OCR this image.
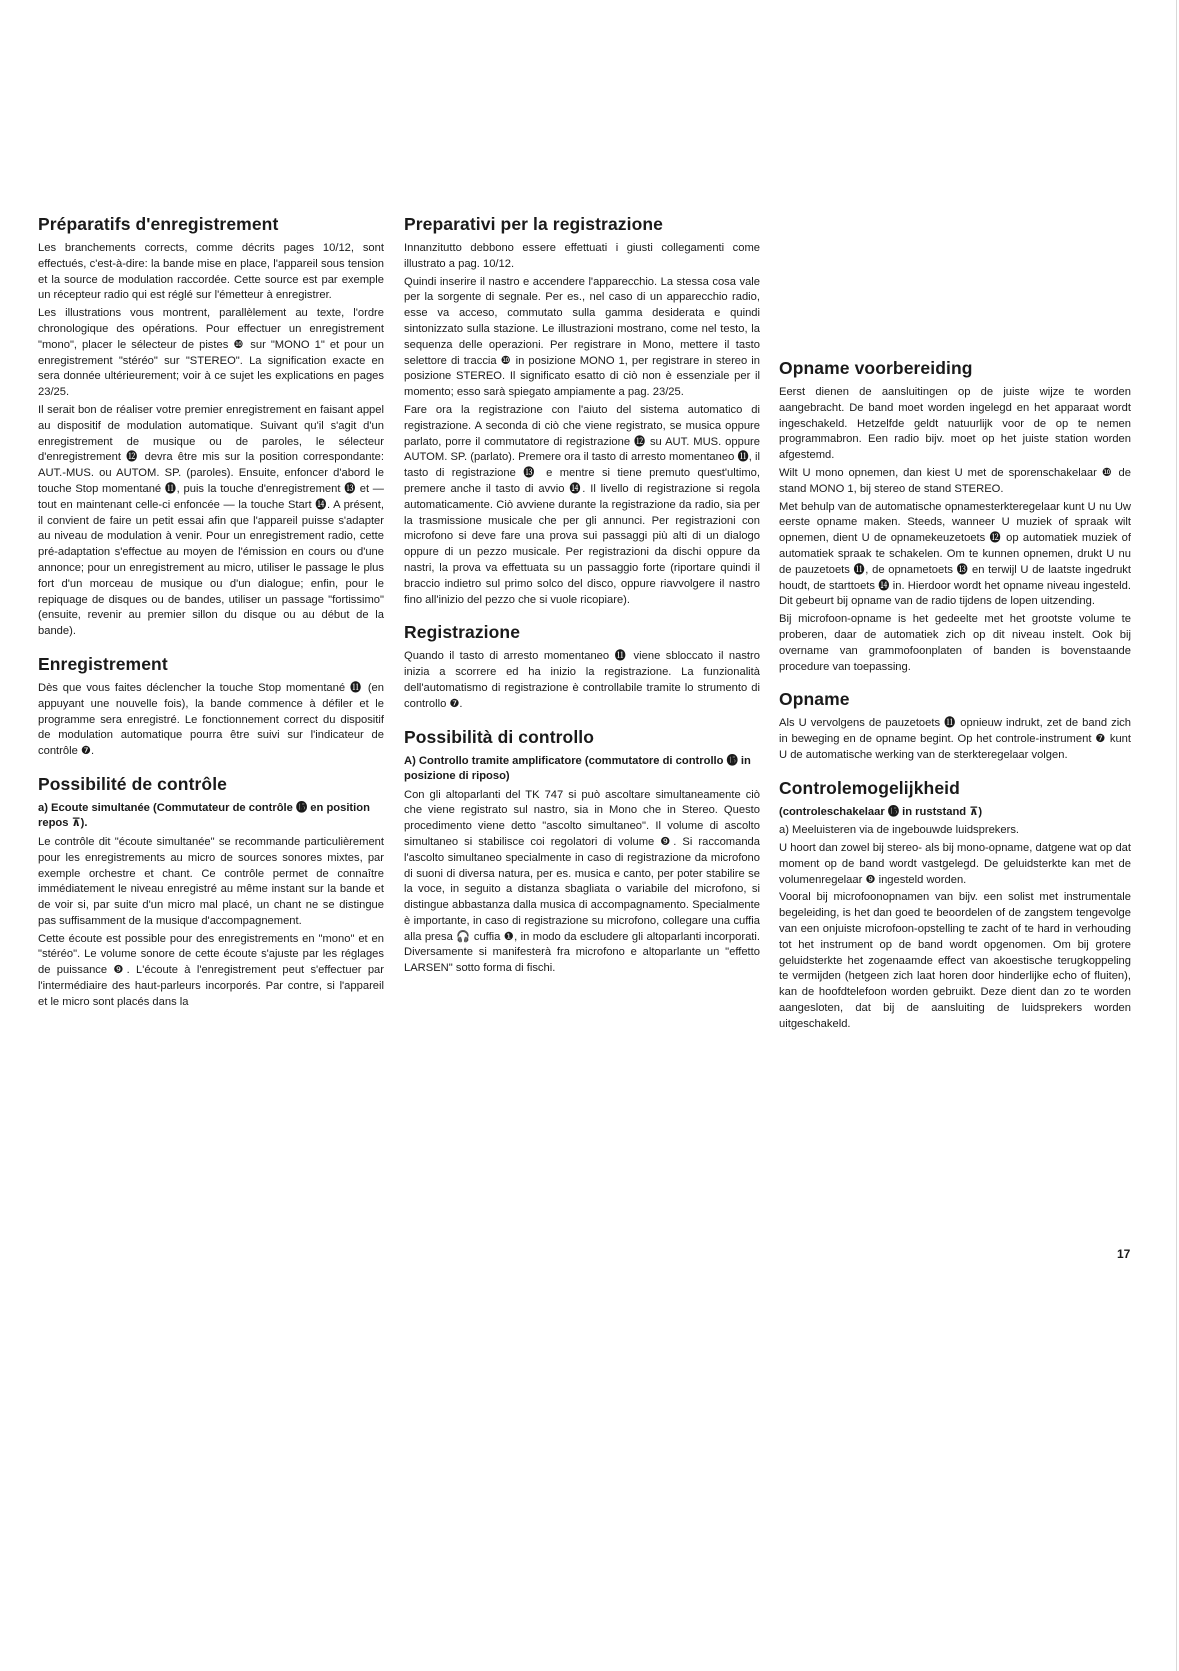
Préparatifs d'enregistrement

Les branchements corrects, comme décrits pages 10/12, sont effectués, c'est-à-dire: la bande mise en place, l'appareil sous tension et la source de modulation raccordée. Cette source est par exemple un récepteur radio qui est réglé sur l'émetteur à enregistrer.

Les illustrations vous montrent, parallèlement au texte, l'ordre chronologique des opérations. Pour effectuer un enregistrement "mono", placer le sélecteur de pistes ❿ sur "MONO 1" et pour un enregistrement "stéréo" sur "STEREO". La signification exacte en sera donnée ultérieurement; voir à ce sujet les explications en pages 23/25.

Il serait bon de réaliser votre premier enregistrement en faisant appel au dispositif de modulation automatique. Suivant qu'il s'agit d'un enregistrement de musique ou de paroles, le sélecteur d'enregistrement ⓬ devra être mis sur la position correspondante: AUT.-MUS. ou AUTOM. SP. (paroles). Ensuite, enfoncer d'abord le touche Stop momentané ⓫, puis la touche d'enregistrement ⓭ et — tout en maintenant celle-ci enfoncée — la touche Start ⓮. A présent, il convient de faire un petit essai afin que l'appareil puisse s'adapter au niveau de modulation à venir. Pour un enregistrement radio, cette pré-adaptation s'effectue au moyen de l'émission en cours ou d'une annonce; pour un enregistrement au micro, utiliser le passage le plus fort d'un morceau de musique ou d'un dialogue; enfin, pour le repiquage de disques ou de bandes, utiliser un passage "fortissimo" (ensuite, revenir au premier sillon du disque ou au début de la bande).

Enregistrement

Dès que vous faites déclencher la touche Stop momentané ⓫ (en appuyant une nouvelle fois), la bande commence à défiler et le programme sera enregistré. Le fonctionnement correct du dispositif de modulation automatique pourra être suivi sur l'indicateur de contrôle ❼.

Possibilité de contrôle
a) Ecoute simultanée (Commutateur de contrôle ⓯ en position repos ⊼).

Le contrôle dit "écoute simultanée" se recommande particulièrement pour les enregistrements au micro de sources sonores mixtes, par exemple orchestre et chant. Ce contrôle permet de connaître immédiatement le niveau enregistré au même instant sur la bande et de voir si, par suite d'un micro mal placé, un chant ne se distingue pas suffisamment de la musique d'accompagnement.

Cette écoute est possible pour des enregistrements en "mono" et en "stéréo". Le volume sonore de cette écoute s'ajuste par les réglages de puissance ❾. L'écoute à l'enregistrement peut s'effectuer par l'intermédiaire des haut-parleurs incorporés. Par contre, si l'appareil et le micro sont placés dans la

Preparativi per la registrazione

Innanzitutto debbono essere effettuati i giusti collegamenti come illustrato a pag. 10/12.

Quindi inserire il nastro e accendere l'apparecchio. La stessa cosa vale per la sorgente di segnale. Per es., nel caso di un apparecchio radio, esse va acceso, commutato sulla gamma desiderata e quindi sintonizzato sulla stazione. Le illustrazioni mostrano, come nel testo, la sequenza delle operazioni. Per registrare in Mono, mettere il tasto selettore di traccia ❿ in posizione MONO 1, per registrare in stereo in posizione STEREO. Il significato esatto di ciò non è essenziale per il momento; esso sarà spiegato ampiamente a pag. 23/25.

Fare ora la registrazione con l'aiuto del sistema automatico di registrazione. A seconda di ciò che viene registrato, se musica oppure parlato, porre il commutatore di registrazione ⓬ su AUT. MUS. oppure AUTOM. SP. (parlato). Premere ora il tasto di arresto momentaneo ⓫, il tasto di registrazione ⓭ e mentre si tiene premuto quest'ultimo, premere anche il tasto di avvio ⓮. Il livello di registrazione si regola automaticamente. Ciò avviene durante la registrazione da radio, sia per la trasmissione musicale che per gli annunci. Per registrazioni con microfono si deve fare una prova sui passaggi più alti di un dialogo oppure di un pezzo musicale. Per registrazioni da dischi oppure da nastri, la prova va effettuata su un passaggio forte (riportare quindi il braccio indietro sul primo solco del disco, oppure riavvolgere il nastro fino all'inizio del pezzo che si vuole ricopiare).

Registrazione

Quando il tasto di arresto momentaneo ⓫ viene sbloccato il nastro inizia a scorrere ed ha inizio la registrazione. La funzionalità dell'automatismo di registrazione è controllabile tramite lo strumento di controllo ❼.

Possibilità di controllo
A) Controllo tramite amplificatore (commutatore di controllo ⓯ in posizione di riposo)

Con gli altoparlanti del TK 747 si può ascoltare simultaneamente ciò che viene registrato sul nastro, sia in Mono che in Stereo. Questo procedimento viene detto "ascolto simultaneo". Il volume di ascolto simultaneo si stabilisce coi regolatori di volume ❾. Si raccomanda l'ascolto simultaneo specialmente in caso di registrazione da microfono di suoni di diversa natura, per es. musica e canto, per poter stabilire se la voce, in seguito a distanza sbagliata o variabile del microfono, si distingue abbastanza dalla musica di accompagnamento. Specialmente è importante, in caso di registrazione su microfono, collegare una cuffia alla presa 🎧 cuffia ❶, in modo da escludere gli altoparlanti incorporati. Diversamente si manifesterà fra microfono e altoparlante un "effetto LARSEN" sotto forma di fischi.

Opname voorbereiding

Eerst dienen de aansluitingen op de juiste wijze te worden aangebracht. De band moet worden ingelegd en het apparaat wordt ingeschakeld. Hetzelfde geldt natuurlijk voor de op te nemen programmabron. Een radio bijv. moet op het juiste station worden afgestemd.

Wilt U mono opnemen, dan kiest U met de sporenschakelaar ❿ de stand MONO 1, bij stereo de stand STEREO.

Met behulp van de automatische opnamesterkteregelaar kunt U nu Uw eerste opname maken. Steeds, wanneer U muziek of spraak wilt opnemen, dient U de opnamekeuzetoets ⓬ op automatiek muziek of automatiek spraak te schakelen. Om te kunnen opnemen, drukt U nu de pauzetoets ⓫, de opnametoets ⓭ en terwijl U de laatste ingedrukt houdt, de starttoets ⓮ in. Hierdoor wordt het opname niveau ingesteld. Dit gebeurt bij opname van de radio tijdens de lopen uitzending.

Bij microfoon-opname is het gedeelte met het grootste volume te proberen, daar de automatiek zich op dit niveau instelt. Ook bij overname van grammofoonplaten of banden is bovenstaande procedure van toepassing.

Opname

Als U vervolgens de pauzetoets ⓫ opnieuw indrukt, zet de band zich in beweging en de opname begint. Op het controle-instrument ❼ kunt U de automatische werking van de sterkteregelaar volgen.

Controlemogelijkheid
(controleschakelaar ⓯ in ruststand ⊼)

a) Meeluisteren via de ingebouwde luidsprekers.

U hoort dan zowel bij stereo- als bij mono-opname, datgene wat op dat moment op de band wordt vastgelegd. De geluidsterkte kan met de volumenregelaar ❾ ingesteld worden.

Vooral bij microfoonopnamen van bijv. een solist met instrumentale begeleiding, is het dan goed te beoordelen of de zangstem tengevolge van een onjuiste microfoon-opstelling te zacht of te hard in verhouding tot het instrument op de band wordt opgenomen. Om bij grotere geluidsterkte het zogenaamde effect van akoestische terugkoppeling te vermijden (hetgeen zich laat horen door hinderlijke echo of fluiten), kan de hoofdtelefoon worden gebruikt. Deze dient dan zo te worden aangesloten, dat bij de aansluiting de luidsprekers worden uitgeschakeld.

17
